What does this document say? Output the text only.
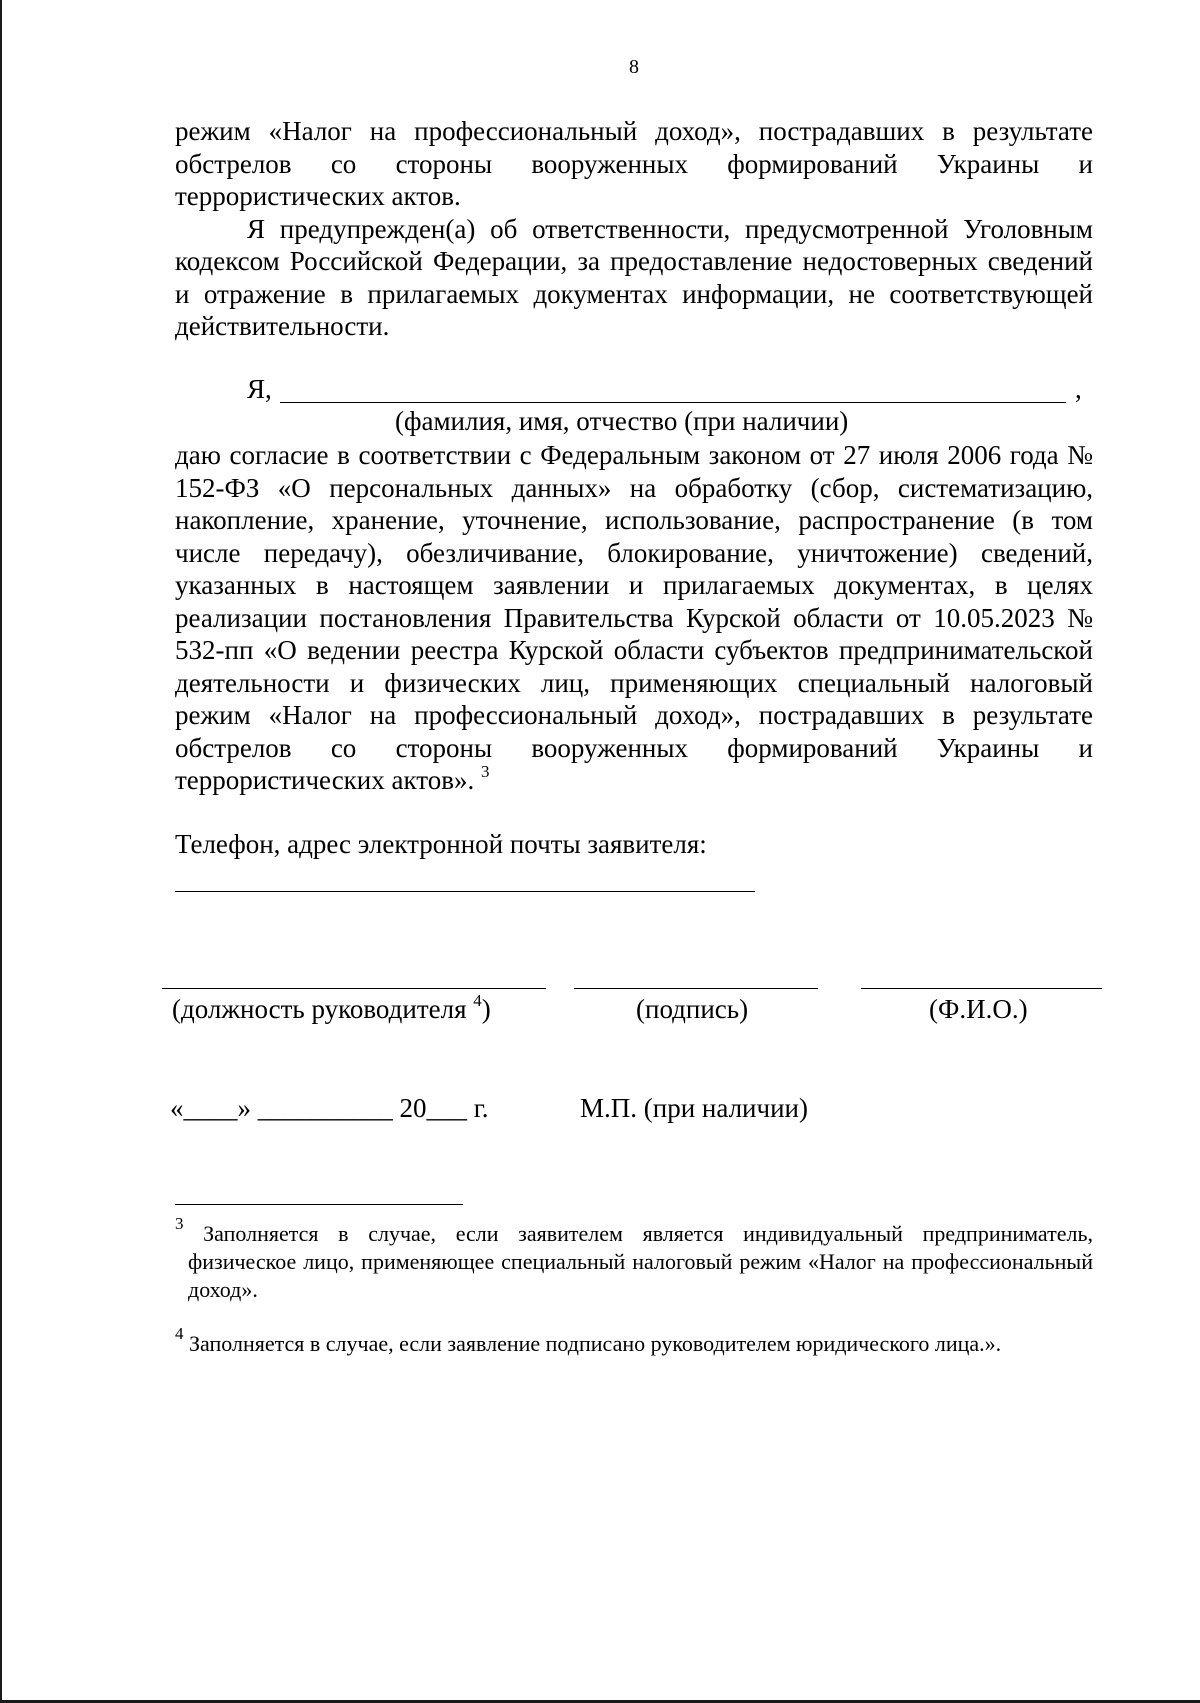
8

режим «Налог на профессиональный доход», пострадавших в результате обстрелов со стороны вооруженных формирований Украины и террористических актов.

Я предупрежден(а) об ответственности, предусмотренной Уголовным кодексом Российской Федерации, за предоставление недостоверных сведений и отражение в прилагаемых документах информации, не соответствующей действительности.

Я,	,
(фамилия, имя, отчество (при наличии)

даю согласие в соответствии с Федеральным законом от 27 июля 2006 года № 152-ФЗ «О персональных данных» на обработку (сбор, систематизацию, накопление, хранение, уточнение, использование, распространение (в том числе передачу), обезличивание, блокирование, уничтожение) сведений, указанных в настоящем заявлении и прилагаемых документах, в целях реализации постановления Правительства Курской области от 10.05.2023 № 532-пп «О ведении реестра Курской области субъектов предпринимательской деятельности и физических лиц, применяющих специальный налоговый режим «Налог на профессиональный доход», пострадавших в результате обстрелов со стороны вооруженных формирований Украины и террористических актов». $^3$

Телефон, адрес электронной почты заявителя:
(должность руководителя $^4$)	(подпись)	(Ф.И.О.)
«____» __________ 20___ г.	М.П. (при наличии)

$^3$ Заполняется в случае, если заявителем является индивидуальный предприниматель, физическое лицо, применяющее специальный налоговый режим «Налог на профессиональный доход».

$^4$ Заполняется в случае, если заявление подписано руководителем юридического лица.».
